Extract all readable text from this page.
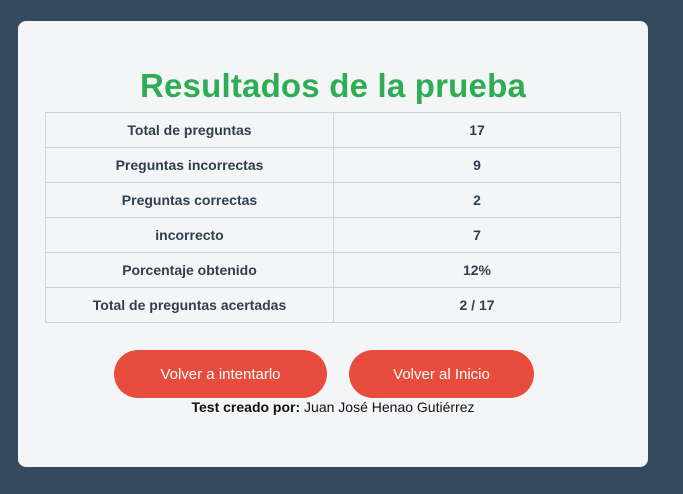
Resultados de la prueba
Total de preguntas	17
Preguntas incorrectas	9
Preguntas correctas	2
incorrecto	7
Porcentaje obtenido	12%
Total de preguntas acertadas	2 / 17
Volver a intentarlo	Volver al Inicio
Test creado por: Juan José Henao Gutiérrez
